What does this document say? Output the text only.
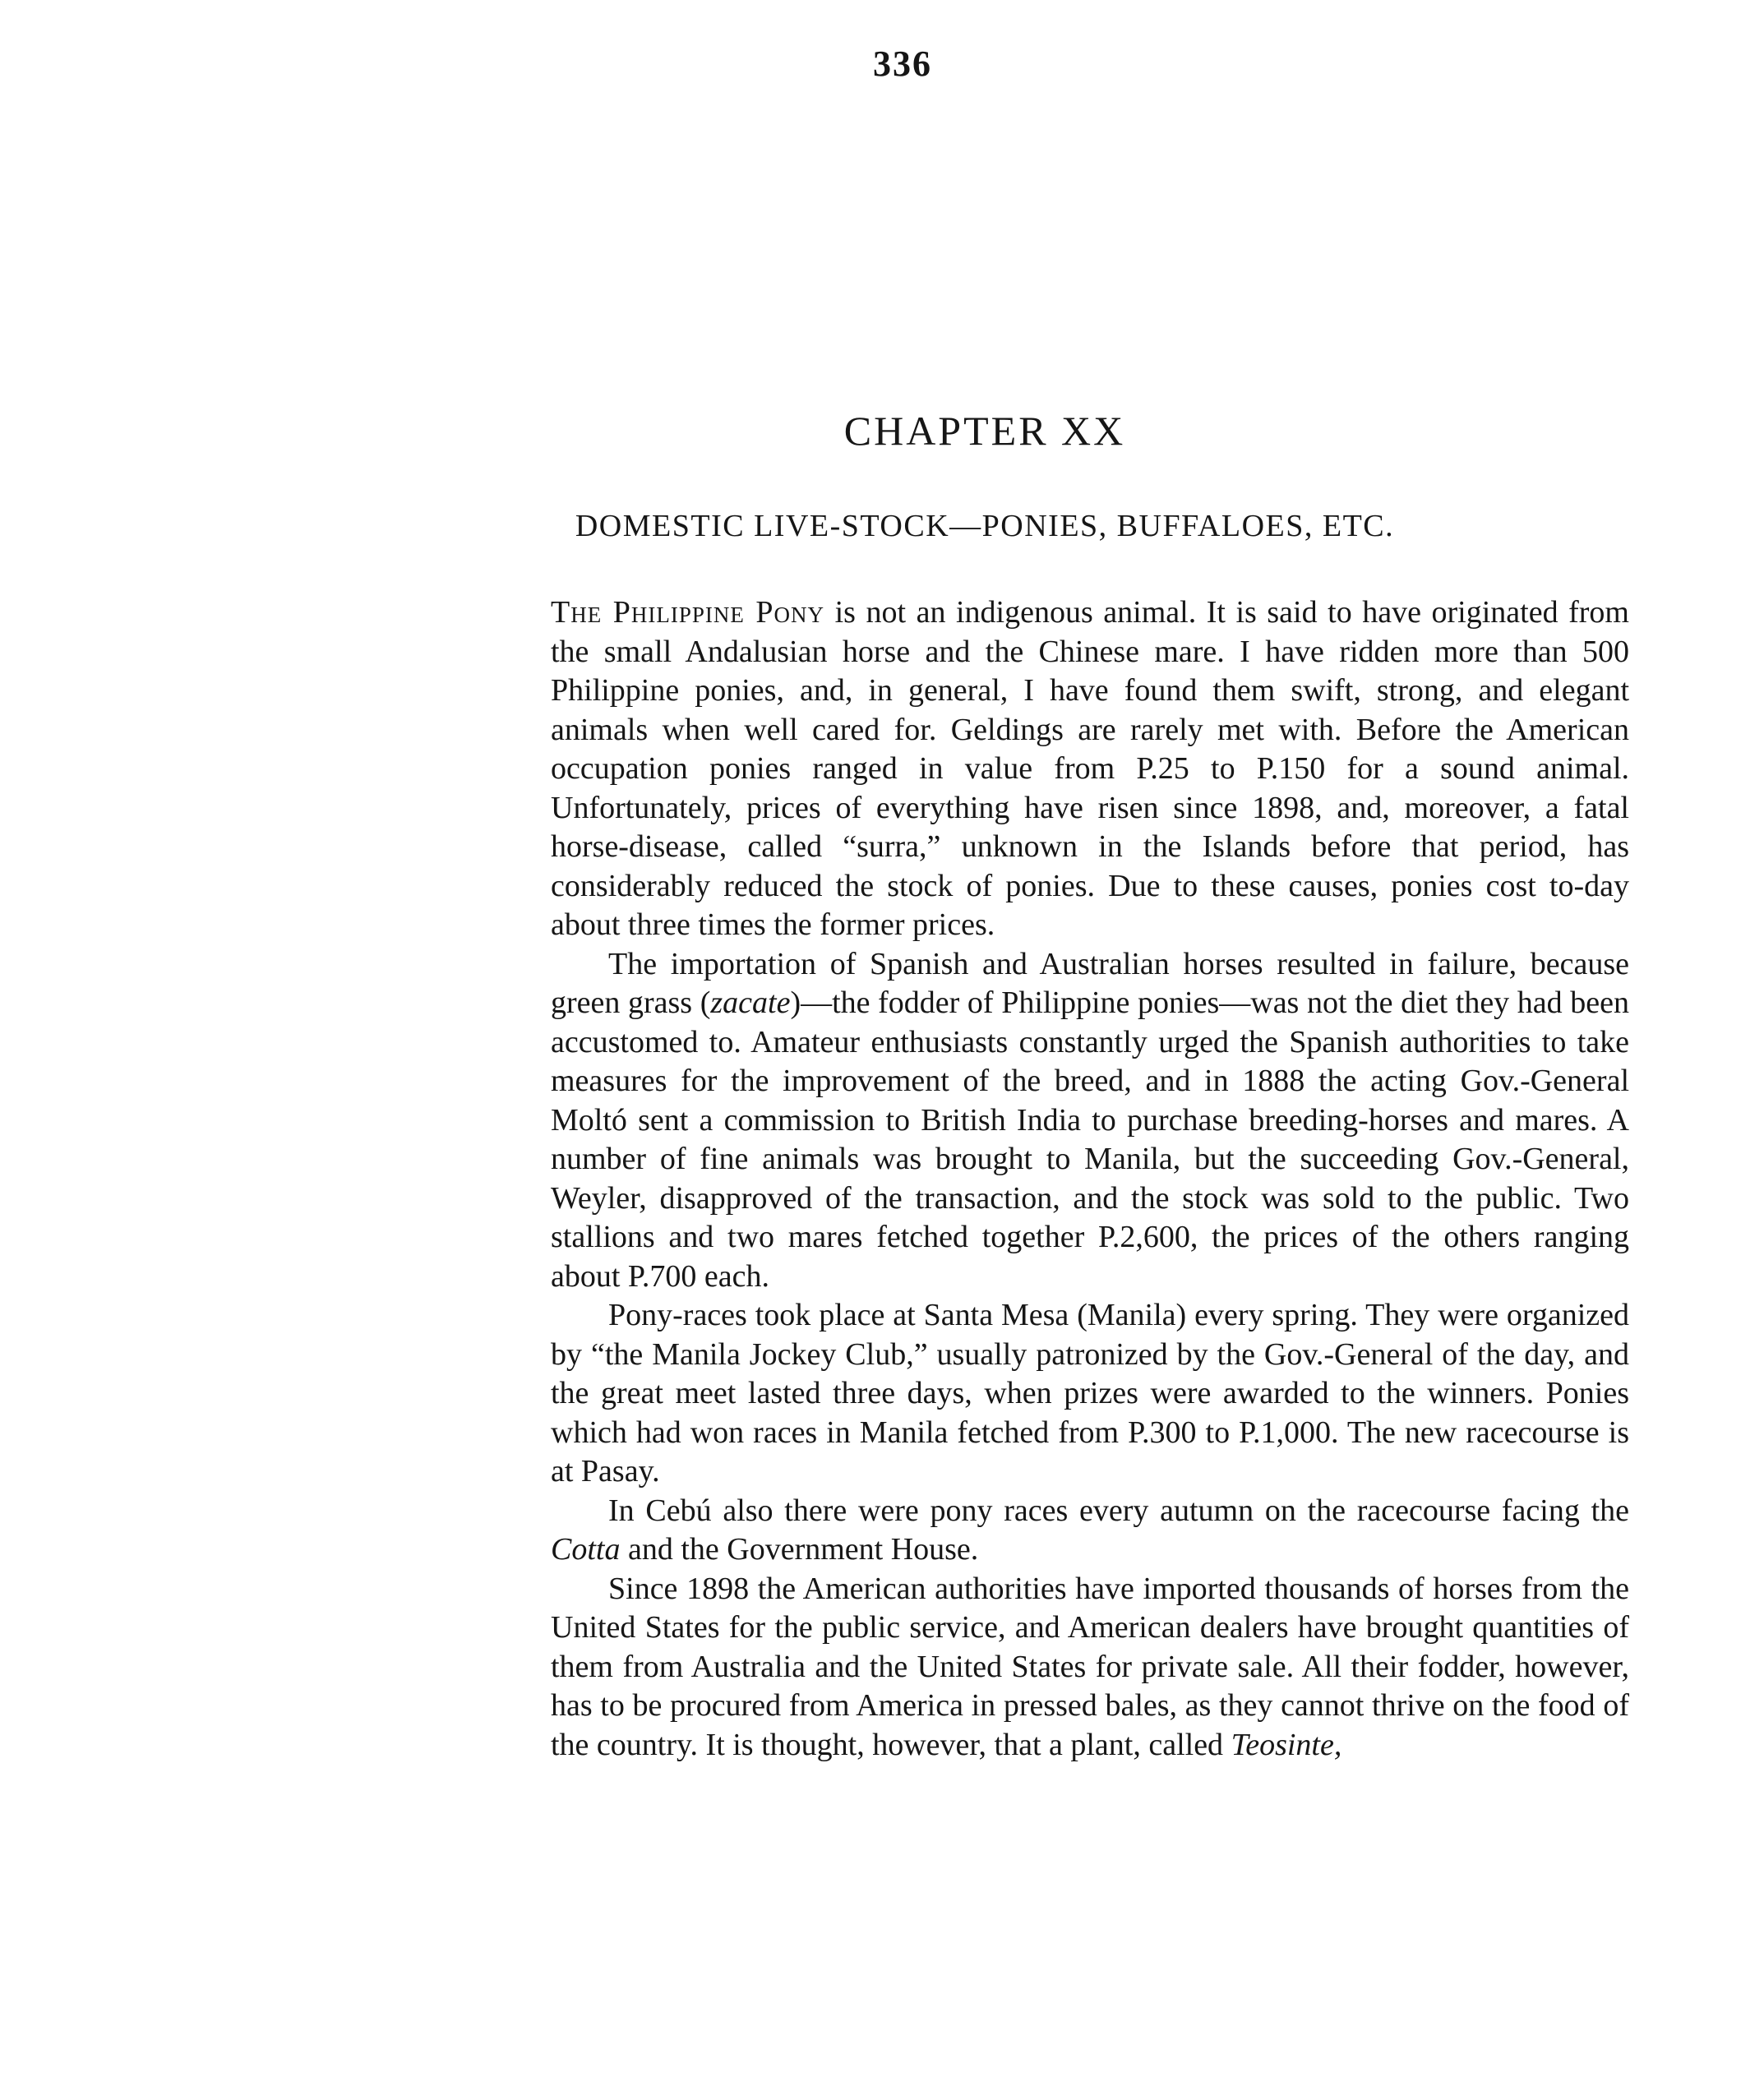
336
CHAPTER XX
DOMESTIC LIVE-STOCK—PONIES, BUFFALOES, ETC.

The Philippine Pony is not an indigenous animal. It is said to have originated from the small Andalusian horse and the Chinese mare. I have ridden more than 500 Philippine ponies, and, in general, I have found them swift, strong, and elegant animals when well cared for. Geldings are rarely met with. Before the American occupation ponies ranged in value from P.25 to P.150 for a sound animal. Unfortunately, prices of everything have risen since 1898, and, moreover, a fatal horse-disease, called “surra,” unknown in the Islands before that period, has considerably reduced the stock of ponies. Due to these causes, ponies cost to-day about three times the former prices.

The importation of Spanish and Australian horses resulted in failure, because green grass (zacate)—the fodder of Philippine ponies—was not the diet they had been accustomed to. Amateur enthusiasts constantly urged the Spanish authorities to take measures for the improvement of the breed, and in 1888 the acting Gov.-General Moltó sent a commission to British India to purchase breeding-horses and mares. A number of fine animals was brought to Manila, but the succeeding Gov.-General, Weyler, disapproved of the transaction, and the stock was sold to the public. Two stallions and two mares fetched together P.2,600, the prices of the others ranging about P.700 each.

Pony-races took place at Santa Mesa (Manila) every spring. They were organized by “the Manila Jockey Club,” usually patronized by the Gov.-General of the day, and the great meet lasted three days, when prizes were awarded to the winners. Ponies which had won races in Manila fetched from P.300 to P.1,000. The new racecourse is at Pasay.

In Cebú also there were pony races every autumn on the racecourse facing the Cotta and the Government House.

Since 1898 the American authorities have imported thousands of horses from the United States for the public service, and American dealers have brought quantities of them from Australia and the United States for private sale. All their fodder, however, has to be procured from America in pressed bales, as they cannot thrive on the food of the country. It is thought, however, that a plant, called Teosinte,
